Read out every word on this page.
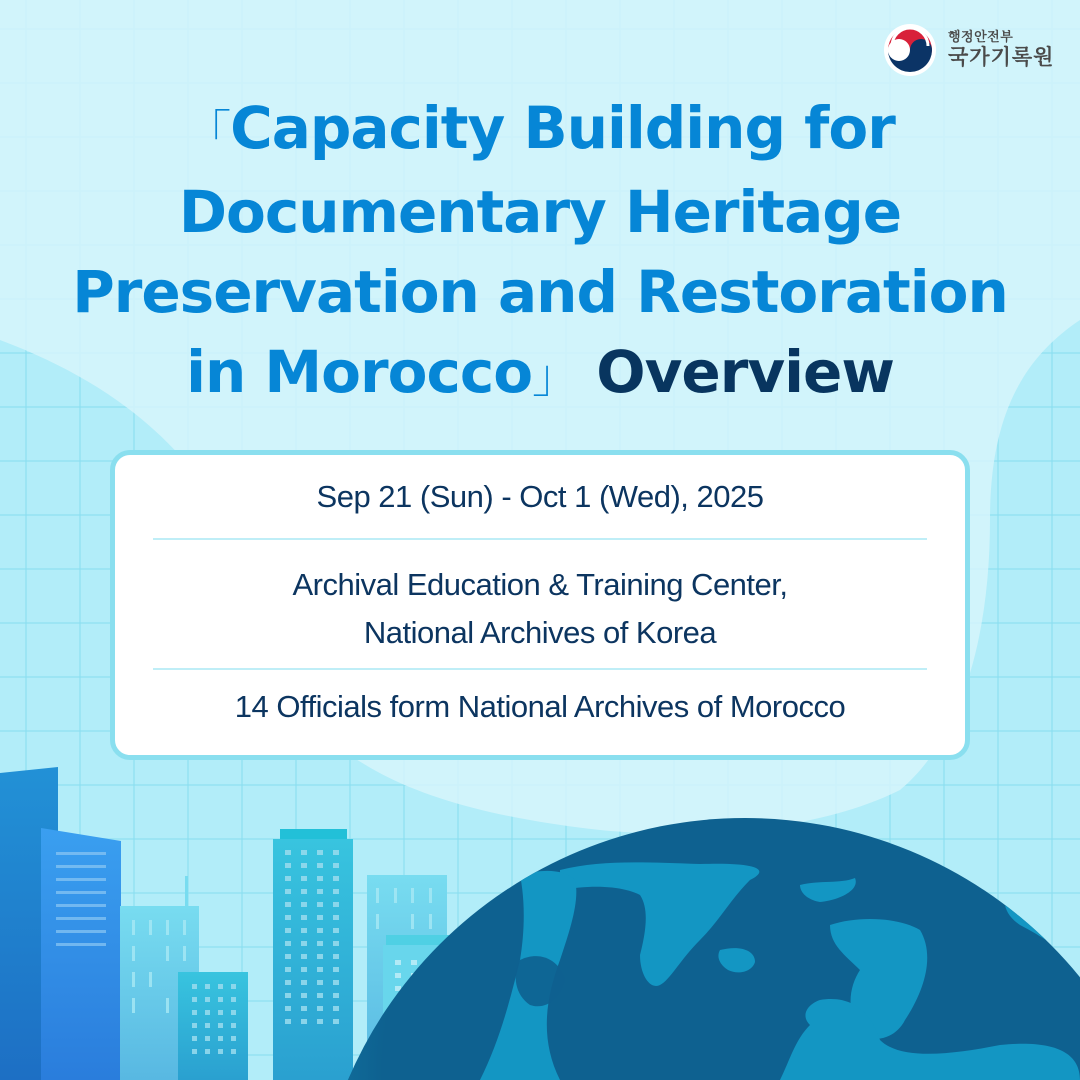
행정안전부
국가기록원
「Capacity Building for
Documentary Heritage
Preservation and Restoration
in Morocco」 Overview
Sep 21 (Sun) - Oct 1 (Wed), 2025
Archival Education & Training Center,
National Archives of Korea
14 Officials form National Archives of Morocco
